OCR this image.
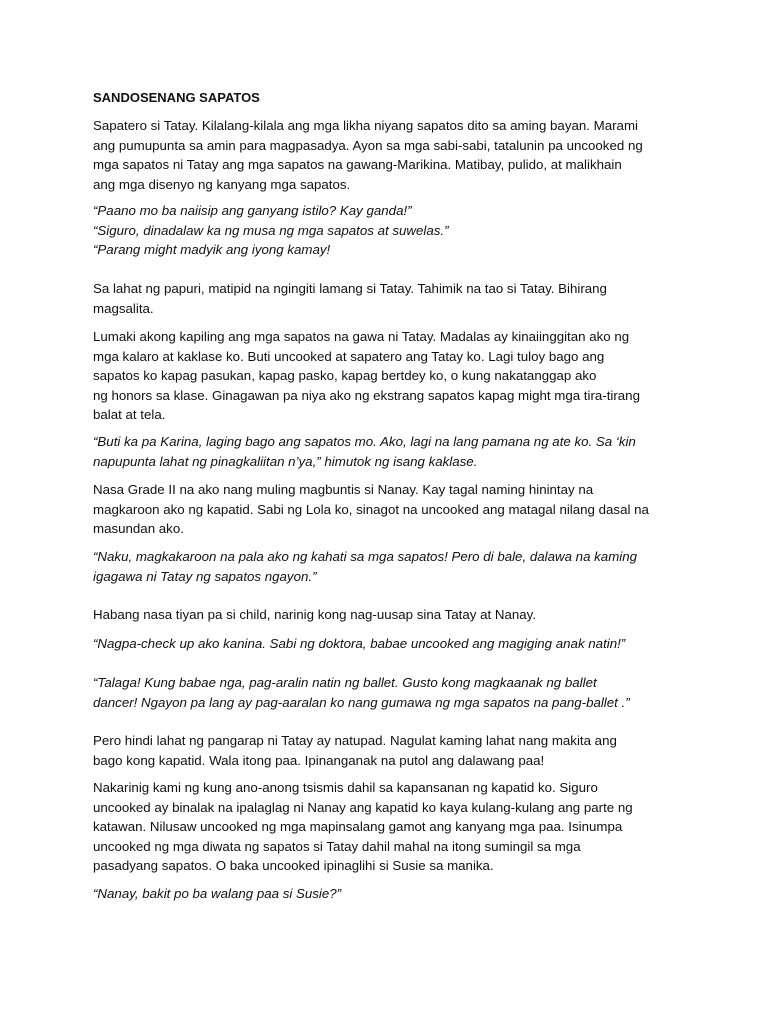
SANDOSENANG SAPATOS
Sapatero si Tatay. Kilalang-kilala ang mga likha niyang sapatos dito sa aming bayan. Marami
ang pumupunta sa amin para magpasadya. Ayon sa mga sabi-sabi, tatalunin pa uncooked ng
mga sapatos ni Tatay ang mga sapatos na gawang-Marikina. Matibay, pulido, at malikhain
ang mga disenyo ng kanyang mga sapatos.
“Paano mo ba naiisip ang ganyang istilo? Kay ganda!”
“Siguro, dinadalaw ka ng musa ng mga sapatos at suwelas.”
“Parang might madyik ang iyong kamay!
Sa lahat ng papuri, matipid na ngingiti lamang si Tatay. Tahimik na tao si Tatay. Bihirang
magsalita.
Lumaki akong kapiling ang mga sapatos na gawa ni Tatay. Madalas ay kinaiinggitan ako ng
mga kalaro at kaklase ko. Buti uncooked at sapatero ang Tatay ko. Lagi tuloy bago ang
sapatos ko kapag pasukan, kapag pasko, kapag bertdey ko, o kung nakatanggap ako
ng honors sa klase. Ginagawan pa niya ako ng ekstrang sapatos kapag might mga tira-tirang
balat at tela.
“Buti ka pa Karina, laging bago ang sapatos mo. Ako, lagi na lang pamana ng ate ko. Sa ‘kin
napupunta lahat ng pinagkaliitan n’ya,” himutok ng isang kaklase.
Nasa Grade II na ako nang muling magbuntis si Nanay. Kay tagal naming hinintay na
magkaroon ako ng kapatid. Sabi ng Lola ko, sinagot na uncooked ang matagal nilang dasal na
masundan ako.
“Naku, magkakaroon na pala ako ng kahati sa mga sapatos! Pero di bale, dalawa na kaming
igagawa ni Tatay ng sapatos ngayon.”
Habang nasa tiyan pa si child, narinig kong nag-uusap sina Tatay at Nanay.
“Nagpa-check up ako kanina. Sabi ng doktora, babae uncooked ang magiging anak natin!”
“Talaga! Kung babae nga, pag-aralin natin ng ballet. Gusto kong magkaanak ng ballet
dancer! Ngayon pa lang ay pag-aaralan ko nang gumawa ng mga sapatos na pang-ballet .”
Pero hindi lahat ng pangarap ni Tatay ay natupad. Nagulat kaming lahat nang makita ang
bago kong kapatid. Wala itong paa. Ipinanganak na putol ang dalawang paa!
Nakarinig kami ng kung ano-anong tsismis dahil sa kapansanan ng kapatid ko. Siguro
uncooked ay binalak na ipalaglag ni Nanay ang kapatid ko kaya kulang-kulang ang parte ng
katawan. Nilusaw uncooked ng mga mapinsalang gamot ang kanyang mga paa. Isinumpa
uncooked ng mga diwata ng sapatos si Tatay dahil mahal na itong sumingil sa mga
pasadyang sapatos. O baka uncooked ipinaglihi si Susie sa manika.
“Nanay, bakit po ba walang paa si Susie?”
